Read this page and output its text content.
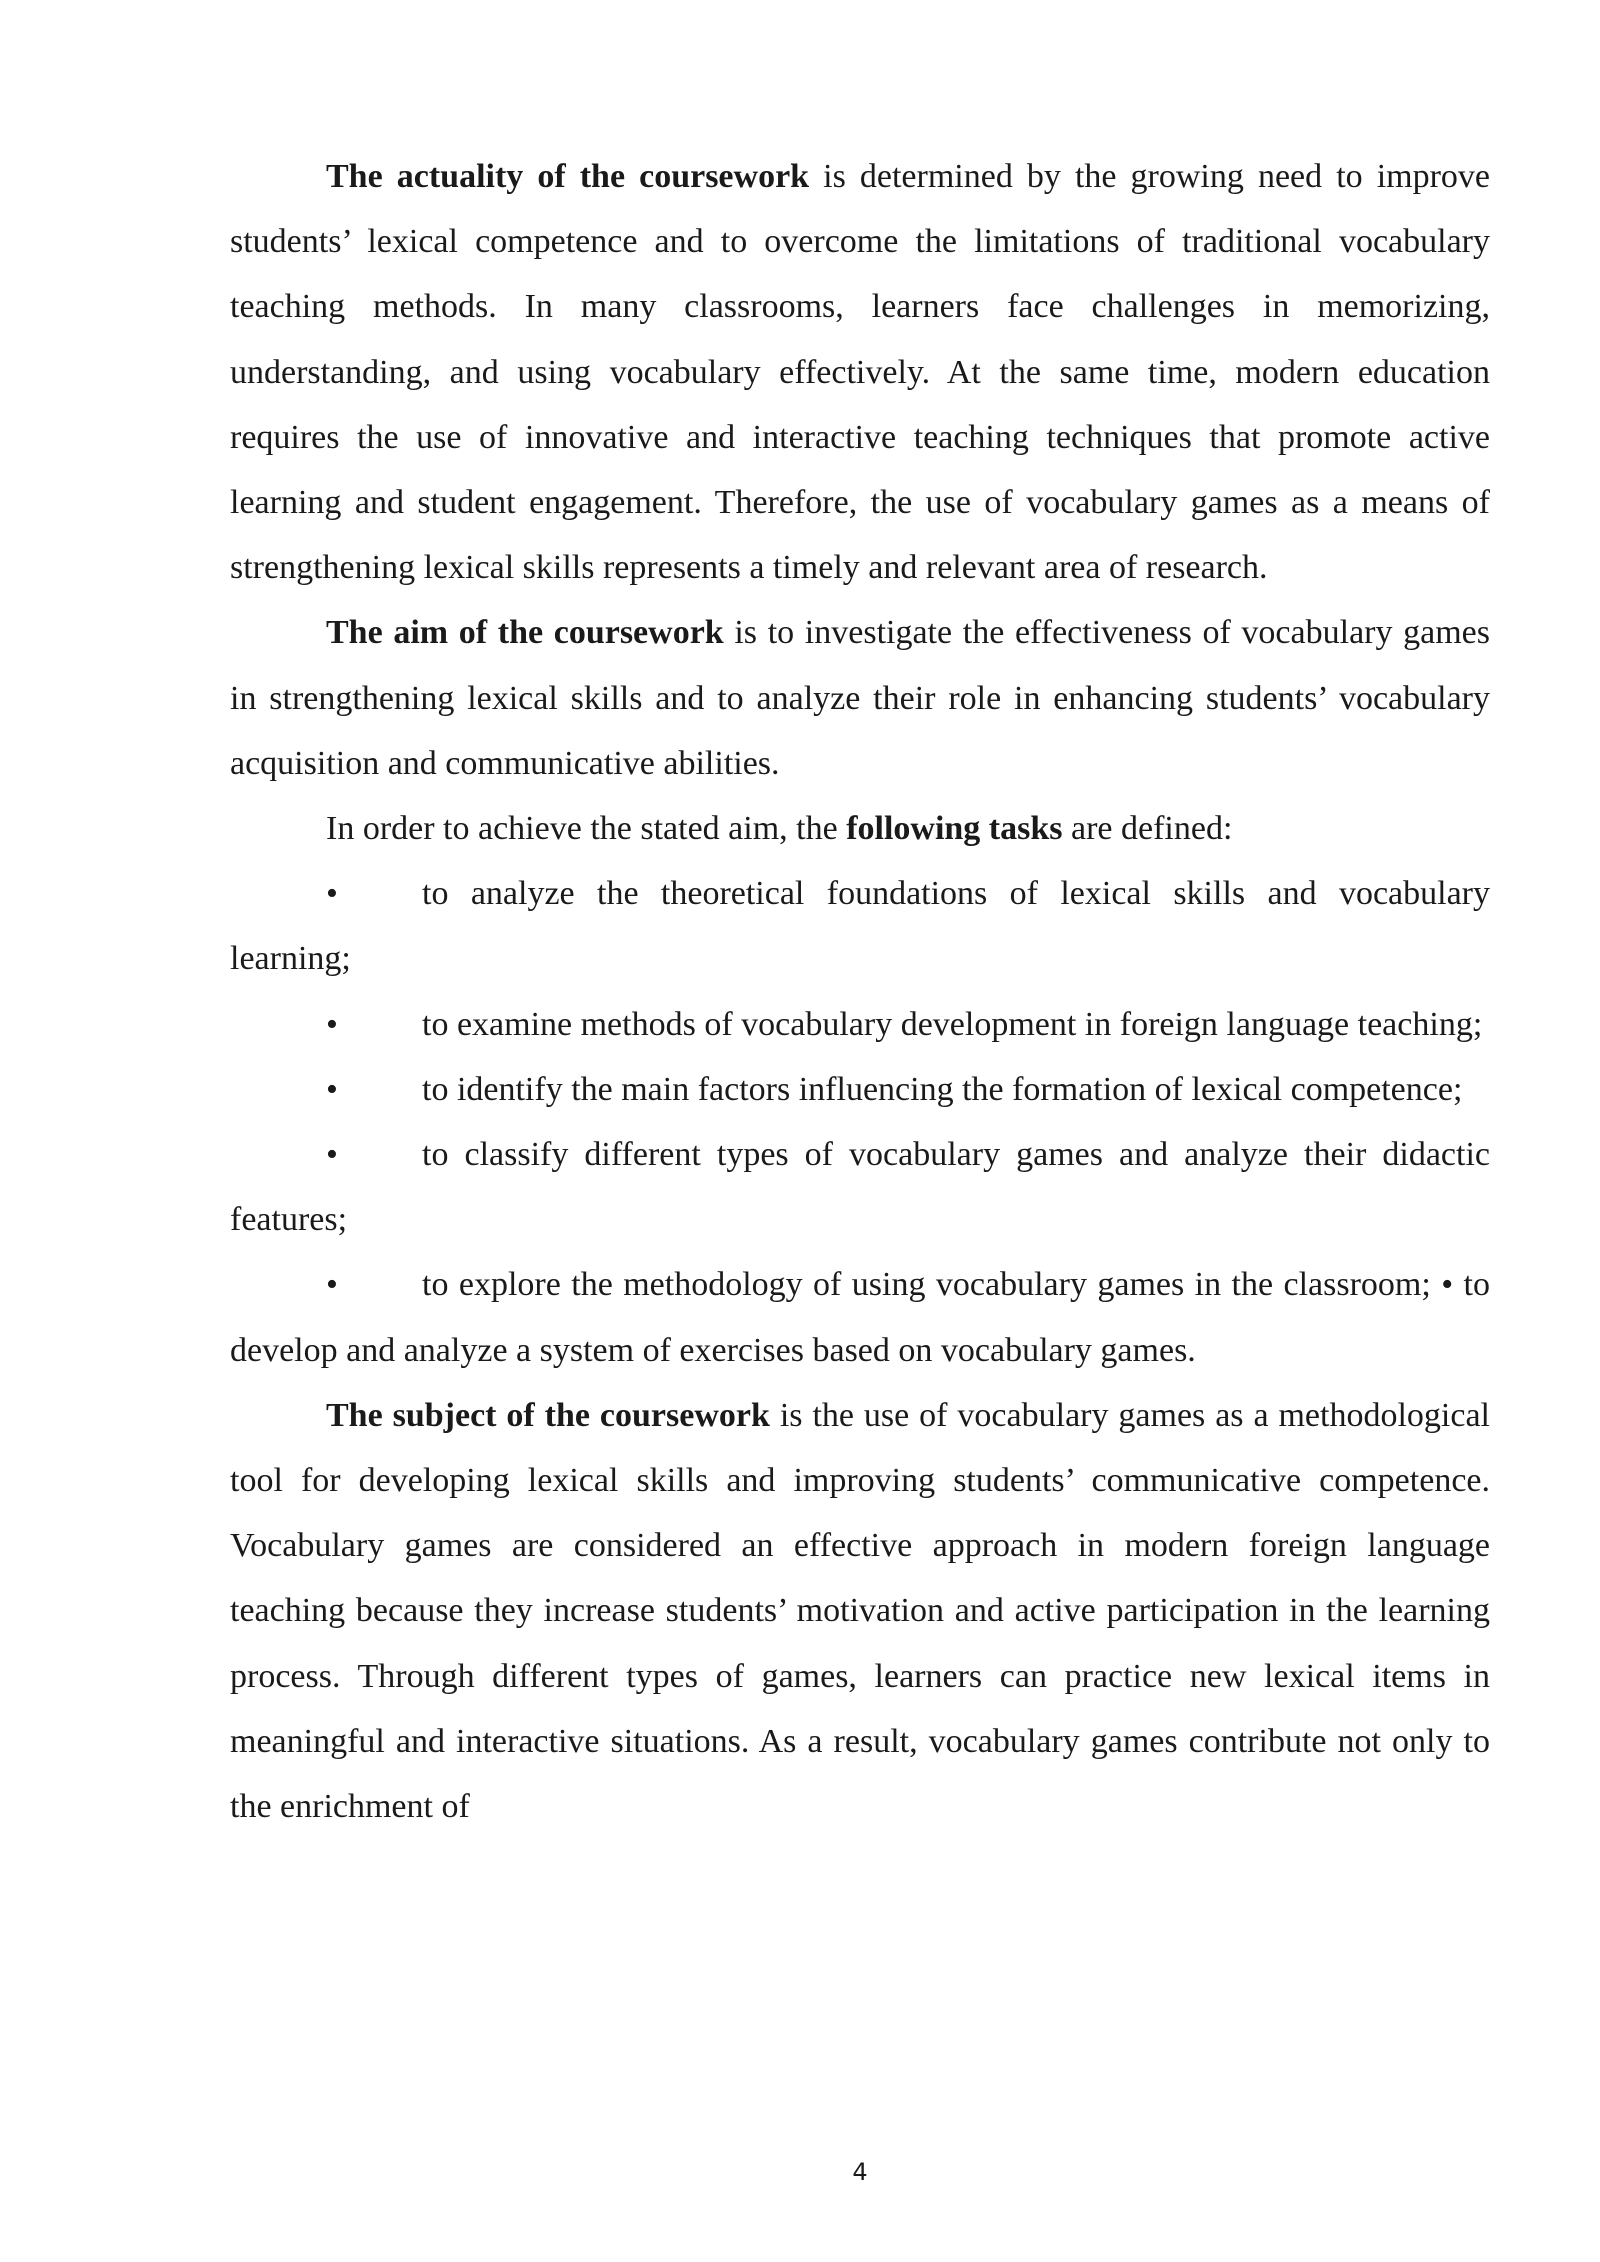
The actuality of the coursework is determined by the growing need to improve students’ lexical competence and to overcome the limitations of traditional vocabulary teaching methods. In many classrooms, learners face challenges in memorizing, understanding, and using vocabulary effectively. At the same time, modern education requires the use of innovative and interactive teaching techniques that promote active learning and student engagement. Therefore, the use of vocabulary games as a means of strengthening lexical skills represents a timely and relevant area of research.

The aim of the coursework is to investigate the effectiveness of vocabulary games in strengthening lexical skills and to analyze their role in enhancing students’ vocabulary acquisition and communicative abilities.

In order to achieve the stated aim, the following tasks are defined:

• to analyze the theoretical foundations of lexical skills and vocabulary learning;

• to examine methods of vocabulary development in foreign language teaching;

• to identify the main factors influencing the formation of lexical competence;

• to classify different types of vocabulary games and analyze their didactic features;

• to explore the methodology of using vocabulary games in the classroom; • to develop and analyze a system of exercises based on vocabulary games.

The subject of the coursework is the use of vocabulary games as a methodological tool for developing lexical skills and improving students’ communicative competence. Vocabulary games are considered an effective approach in modern foreign language teaching because they increase students’ motivation and active participation in the learning process. Through different types of games, learners can practice new lexical items in meaningful and interactive situations. As a result, vocabulary games contribute not only to the enrichment of

4
